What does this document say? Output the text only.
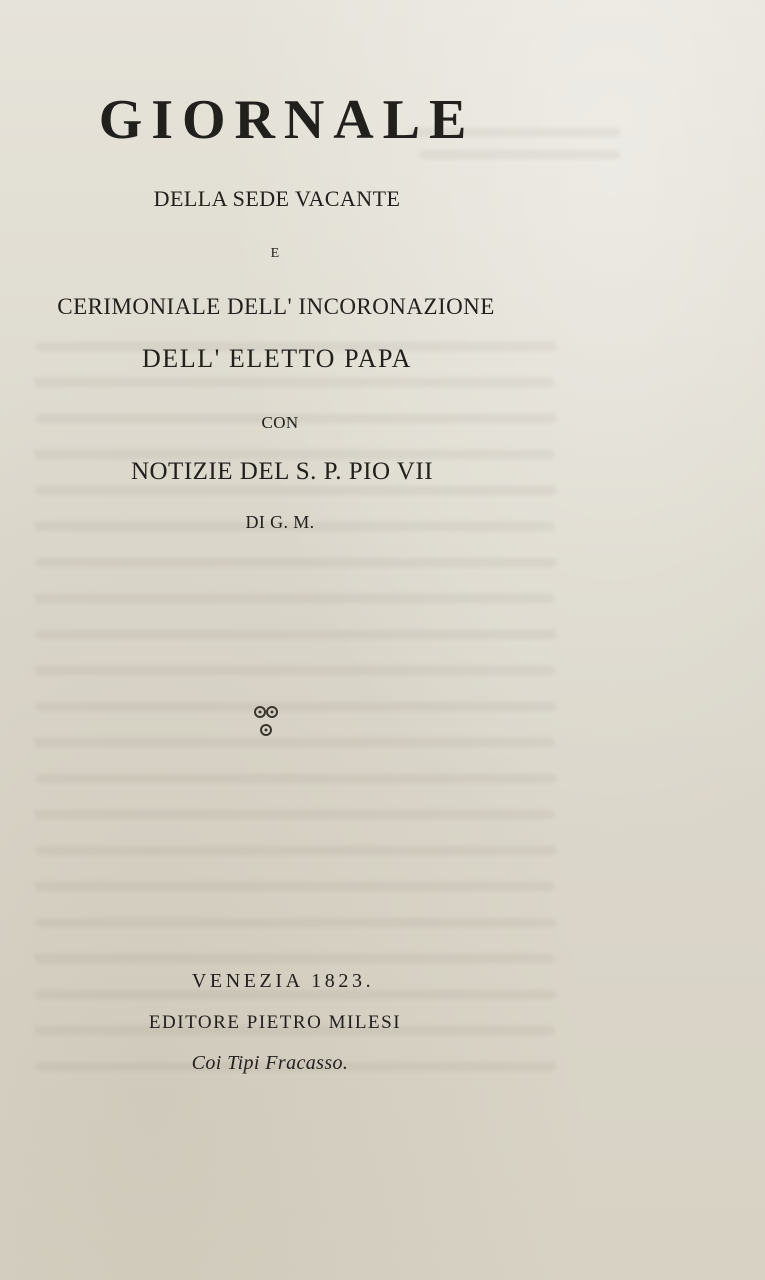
GIORNALE
DELLA SEDE VACANTE
E
CERIMONIALE DELL' INCORONAZIONE
DELL' ELETTO PAPA
CON
NOTIZIE DEL S. P. PIO VII
DI G. M.
VENEZIA 1823.
EDITORE PIETRO MILESI
Coi Tipi Fracasso.
